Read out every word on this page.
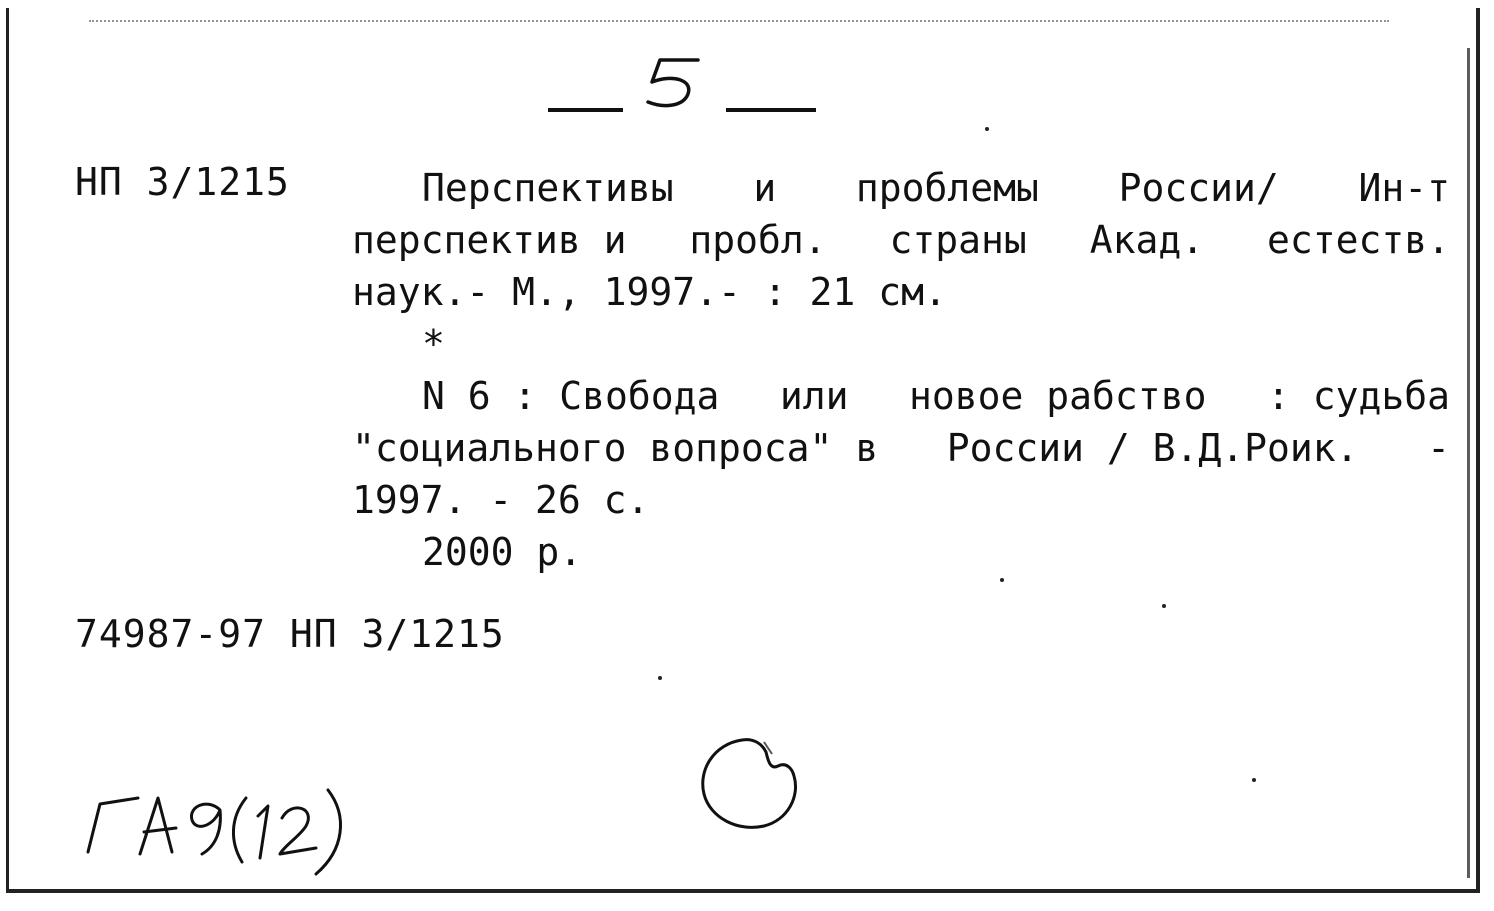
5
НП 3/1215	Перспективы и проблемы России/ Ин-т
перспектив и пробл. страны Акад. естеств.
наук.- М., 1997.- : 21 см.
*
N 6 : Свобода или новое рабство : судьба
"социального вопроса" в России / В.Д.Роик. -
1997. - 26 с.
2000 р.
74987-97 НП 3/1215
